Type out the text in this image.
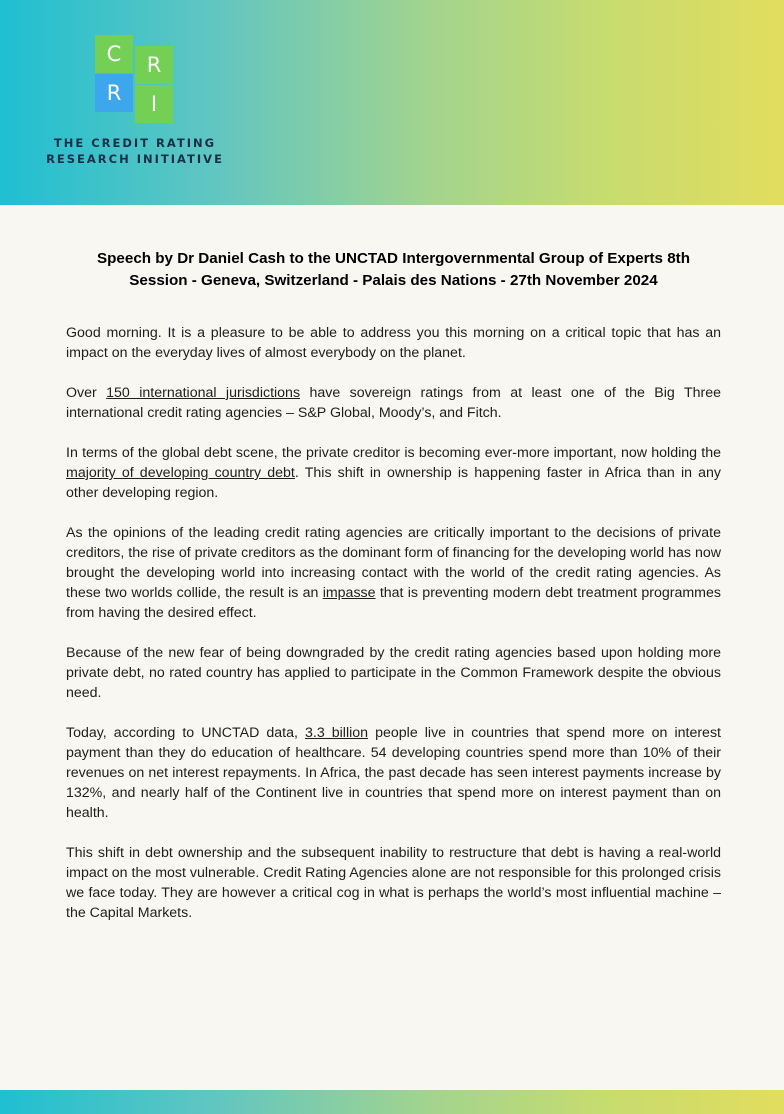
C	R
R	I
THE CREDIT RATING
RESEARCH INITIATIVE
Speech by Dr Daniel Cash to the UNCTAD Intergovernmental Group of Experts 8th
Session - Geneva, Switzerland - Palais des Nations - 27th November 2024

Good morning. It is a pleasure to be able to address you this morning on a critical topic that has an impact on the everyday lives of almost everybody on the planet.

Over 150 international jurisdictions have sovereign ratings from at least one of the Big Three international credit rating agencies – S&P Global, Moody’s, and Fitch.

In terms of the global debt scene, the private creditor is becoming ever-more important, now holding the majority of developing country debt. This shift in ownership is happening faster in Africa than in any other developing region.

As the opinions of the leading credit rating agencies are critically important to the decisions of private creditors, the rise of private creditors as the dominant form of financing for the developing world has now brought the developing world into increasing contact with the world of the credit rating agencies. As these two worlds collide, the result is an impasse that is preventing modern debt treatment programmes from having the desired effect.

Because of the new fear of being downgraded by the credit rating agencies based upon holding more private debt, no rated country has applied to participate in the Common Framework despite the obvious need.

Today, according to UNCTAD data, 3.3 billion people live in countries that spend more on interest payment than they do education of healthcare. 54 developing countries spend more than 10% of their revenues on net interest repayments. In Africa, the past decade has seen interest payments increase by 132%, and nearly half of the Continent live in countries that spend more on interest payment than on health.

This shift in debt ownership and the subsequent inability to restructure that debt is having a real-world impact on the most vulnerable. Credit Rating Agencies alone are not responsible for this prolonged crisis we face today. They are however a critical cog in what is perhaps the world’s most influential machine – the Capital Markets.
